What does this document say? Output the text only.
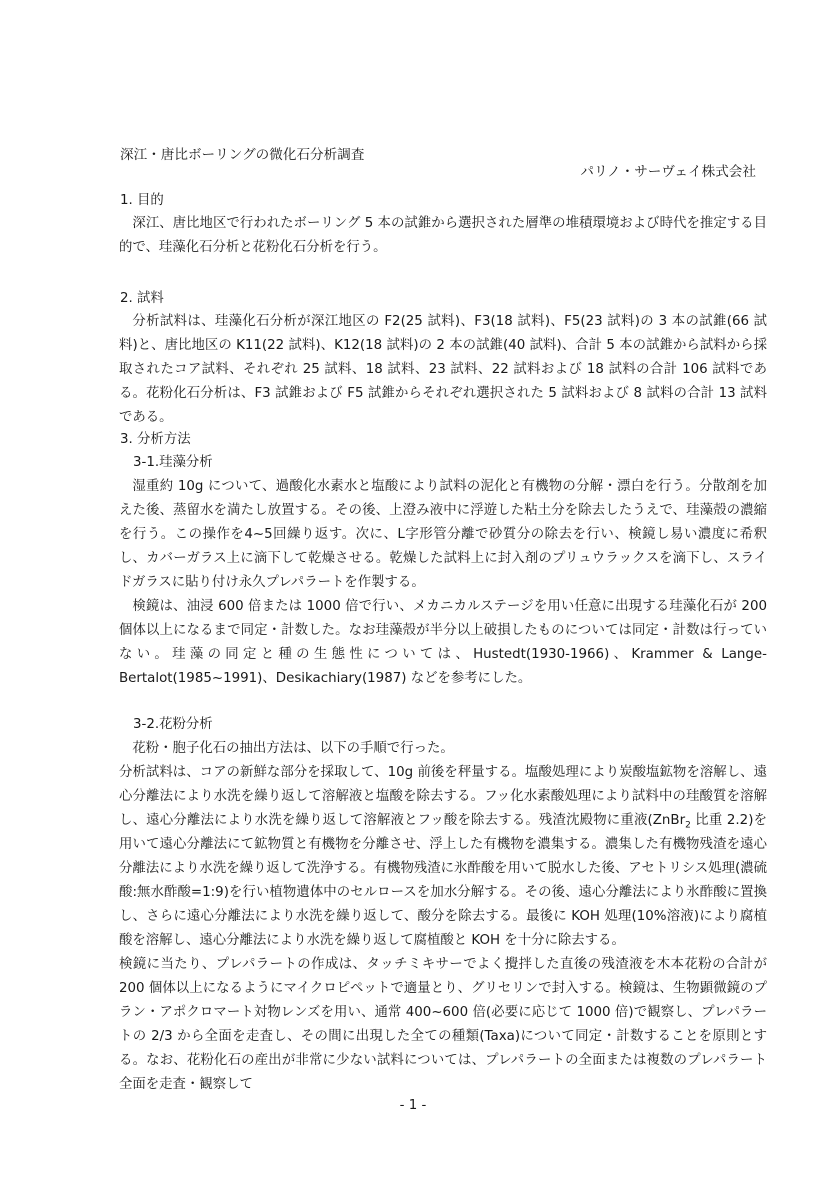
深江・唐比ボーリングの微化石分析調査

パリノ・サーヴェイ株式会社

1. 目的

深江、唐比地区で行われたボーリング 5 本の試錐から選択された層準の堆積環境および時代を推定する目的で、珪藻化石分析と花粉化石分析を行う。

2. 試料

分析試料は、珪藻化石分析が深江地区の F2(25 試料)、F3(18 試料)、F5(23 試料)の 3 本の試錐(66 試料)と、唐比地区の K11(22 試料)、K12(18 試料)の 2 本の試錐(40 試料)、合計 5 本の試錐から試料から採取されたコア試料、それぞれ 25 試料、18 試料、23 試料、22 試料および 18 試料の合計 106 試料である。花粉化石分析は、F3 試錐および F5 試錐からそれぞれ選択された 5 試料および 8 試料の合計 13 試料である。

3. 分析方法

3-1.珪藻分析

湿重約 10g について、過酸化水素水と塩酸により試料の泥化と有機物の分解・漂白を行う。分散剤を加えた後、蒸留水を満たし放置する。その後、上澄み液中に浮遊した粘土分を除去したうえで、珪藻殻の濃縮を行う。この操作を4~5回繰り返す。次に、L字形管分離で砂質分の除去を行い、検鏡し易い濃度に希釈し、カバーガラス上に滴下して乾燥させる。乾燥した試料上に封入剤のプリュウラックスを滴下し、スライドガラスに貼り付け永久プレパラートを作製する。

検鏡は、油浸 600 倍または 1000 倍で行い、メカニカルステージを用い任意に出現する珪藻化石が 200 個体以上になるまで同定・計数した。なお珪藻殻が半分以上破損したものについては同定・計数は行っていない。珪藻の同定と種の生態性については、Hustedt(1930-1966)、Krammer & Lange-Bertalot(1985~1991)、Desikachiary(1987) などを参考にした。

3-2.花粉分析

花粉・胞子化石の抽出方法は、以下の手順で行った。

分析試料は、コアの新鮮な部分を採取して、10g 前後を秤量する。塩酸処理により炭酸塩鉱物を溶解し、遠心分離法により水洗を繰り返して溶解液と塩酸を除去する。フッ化水素酸処理により試料中の珪酸質を溶解し、遠心分離法により水洗を繰り返して溶解液とフッ酸を除去する。残渣沈殿物に重液(ZnBr$_2$ 比重 2.2)を用いて遠心分離法にて鉱物質と有機物を分離させ、浮上した有機物を濃集する。濃集した有機物残渣を遠心分離法により水洗を繰り返して洗浄する。有機物残渣に氷酢酸を用いて脱水した後、アセトリシス処理(濃硫酸:無水酢酸=1:9)を行い植物遺体中のセルロースを加水分解する。その後、遠心分離法により氷酢酸に置換し、さらに遠心分離法により水洗を繰り返して、酸分を除去する。最後に KOH 処理(10%溶液)により腐植酸を溶解し、遠心分離法により水洗を繰り返して腐植酸と KOH を十分に除去する。

検鏡に当たり、プレパラートの作成は、タッチミキサーでよく攪拌した直後の残渣液を木本花粉の合計が 200 個体以上になるようにマイクロピペットで適量とり、グリセリンで封入する。検鏡は、生物顕微鏡のプラン・アポクロマート対物レンズを用い、通常 400~600 倍(必要に応じて 1000 倍)で観察し、プレパラートの 2/3 から全面を走査し、その間に出現した全ての種類(Taxa)について同定・計数することを原則とする。なお、花粉化石の産出が非常に少ない試料については、プレパラートの全面または複数のプレパラート全面を走査・観察して

- 1 -
